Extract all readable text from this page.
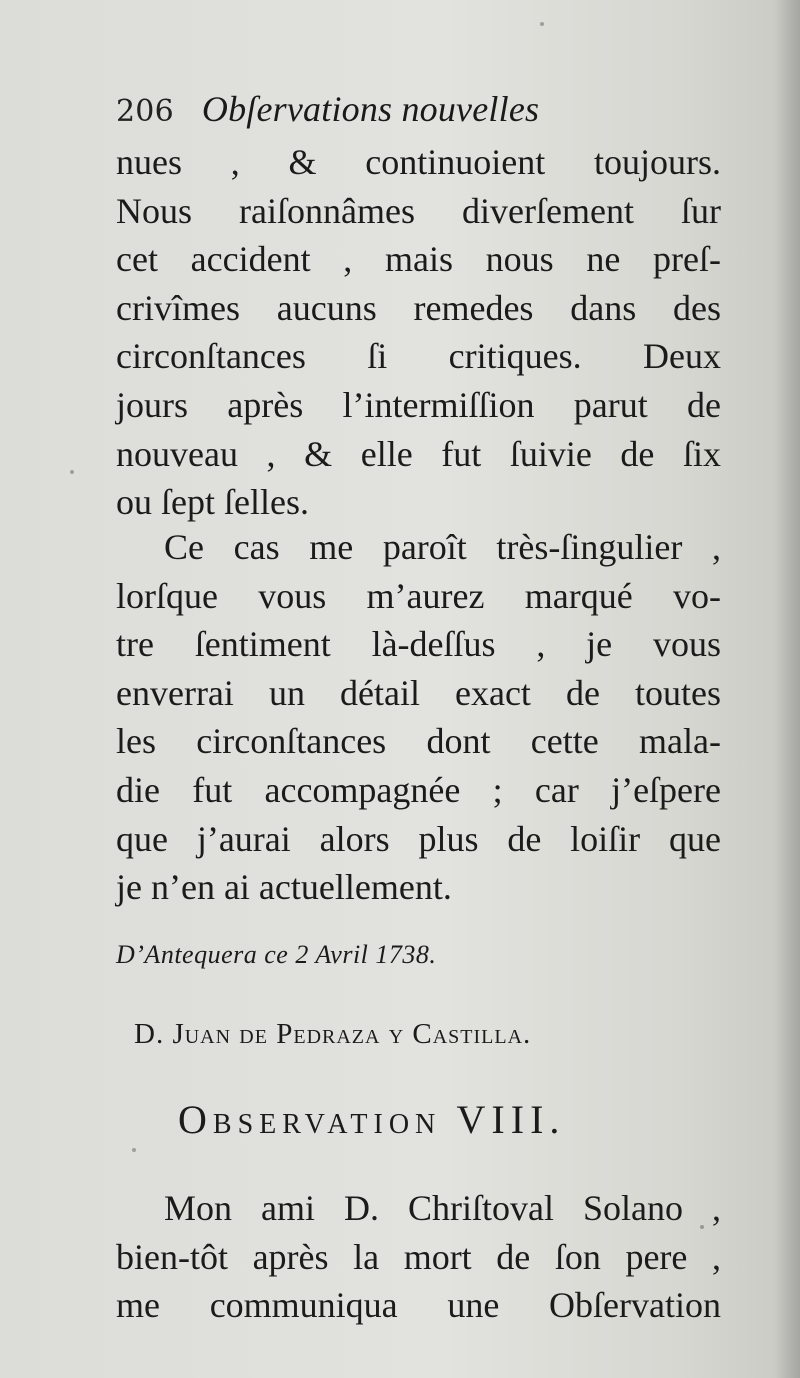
206 Obſervations nouvelles
nues , & continuoient toujours.
Nous raiſonnâmes diverſement ſur
cet accident , mais nous ne preſ-
crivîmes aucuns remedes dans des
circonſtances ſi critiques. Deux
jours après l’intermiſſion parut de
nouveau , & elle fut ſuivie de ſix
ou ſept ſelles.
Ce cas me paroît très-ſingulier ,
lorſque vous m’aurez marqué vo-
tre ſentiment là-deſſus , je vous
enverrai un détail exact de toutes
les circonſtances dont cette mala-
die fut accompagnée ; car j’eſpere
que j’aurai alors plus de loiſir que
je n’en ai actuellement.
D’Antequera ce 2 Avril 1738.
D. Juan de Pedraza y Castilla.
Observation VIII.
Mon ami D. Chriſtoval Solano ,
bien-tôt après la mort de ſon pere ,
me communiqua une Obſervation
